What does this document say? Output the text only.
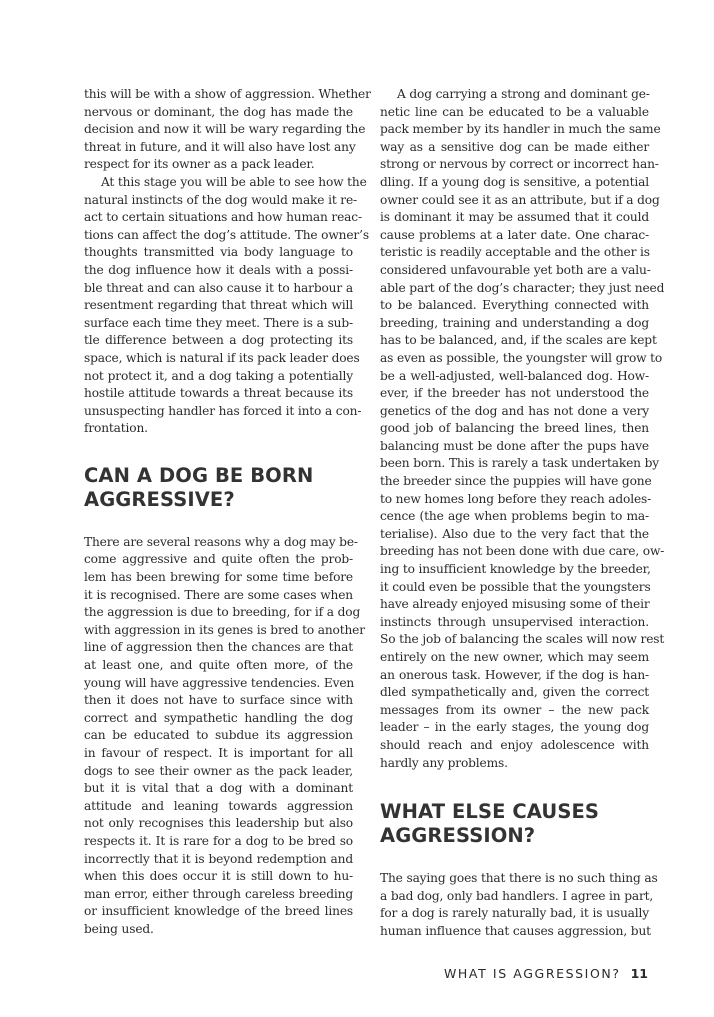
this will be with a show of aggression. Whether
nervous or dominant, the dog has made the
decision and now it will be wary regarding the
threat in future, and it will also have lost any
respect for its owner as a pack leader.
At this stage you will be able to see how the
natural instincts of the dog would make it re-
act to certain situations and how human reac-
tions can affect the dog’s attitude. The owner’s
thoughts transmitted via body language to
the dog influence how it deals with a possi-
ble threat and can also cause it to harbour a
resentment regarding that threat which will
surface each time they meet. There is a sub-
tle difference between a dog protecting its
space, which is natural if its pack leader does
not protect it, and a dog taking a potentially
hostile attitude towards a threat because its
unsuspecting handler has forced it into a con-
frontation.
CAN A DOG BE BORN
AGGRESSIVE?
There are several reasons why a dog may be-
come aggressive and quite often the prob-
lem has been brewing for some time before
it is recognised. There are some cases when
the aggression is due to breeding, for if a dog
with aggression in its genes is bred to another
line of aggression then the chances are that
at least one, and quite often more, of the
young will have aggressive tendencies. Even
then it does not have to surface since with
correct and sympathetic handling the dog
can be educated to subdue its aggression
in favour of respect. It is important for all
dogs to see their owner as the pack leader,
but it is vital that a dog with a dominant
attitude and leaning towards aggression
not only recognises this leadership but also
respects it. It is rare for a dog to be bred so
incorrectly that it is beyond redemption and
when this does occur it is still down to hu-
man error, either through careless breeding
or insufficient knowledge of the breed lines
being used.
A dog carrying a strong and dominant ge-
netic line can be educated to be a valuable
pack member by its handler in much the same
way as a sensitive dog can be made either
strong or nervous by correct or incorrect han-
dling. If a young dog is sensitive, a potential
owner could see it as an attribute, but if a dog
is dominant it may be assumed that it could
cause problems at a later date. One charac-
teristic is readily acceptable and the other is
considered unfavourable yet both are a valu-
able part of the dog’s character; they just need
to be balanced. Everything connected with
breeding, training and understanding a dog
has to be balanced, and, if the scales are kept
as even as possible, the youngster will grow to
be a well-adjusted, well-balanced dog. How-
ever, if the breeder has not understood the
genetics of the dog and has not done a very
good job of balancing the breed lines, then
balancing must be done after the pups have
been born. This is rarely a task undertaken by
the breeder since the puppies will have gone
to new homes long before they reach adoles-
cence (the age when problems begin to ma-
terialise). Also due to the very fact that the
breeding has not been done with due care, ow-
ing to insufficient knowledge by the breeder,
it could even be possible that the youngsters
have already enjoyed misusing some of their
instincts through unsupervised interaction.
So the job of balancing the scales will now rest
entirely on the new owner, which may seem
an onerous task. However, if the dog is han-
dled sympathetically and, given the correct
messages from its owner – the new pack
leader – in the early stages, the young dog
should reach and enjoy adolescence with
hardly any problems.
WHAT ELSE CAUSES
AGGRESSION?
The saying goes that there is no such thing as
a bad dog, only bad handlers. I agree in part,
for a dog is rarely naturally bad, it is usually
human influence that causes aggression, but
WHAT IS AGGRESSION? 11
